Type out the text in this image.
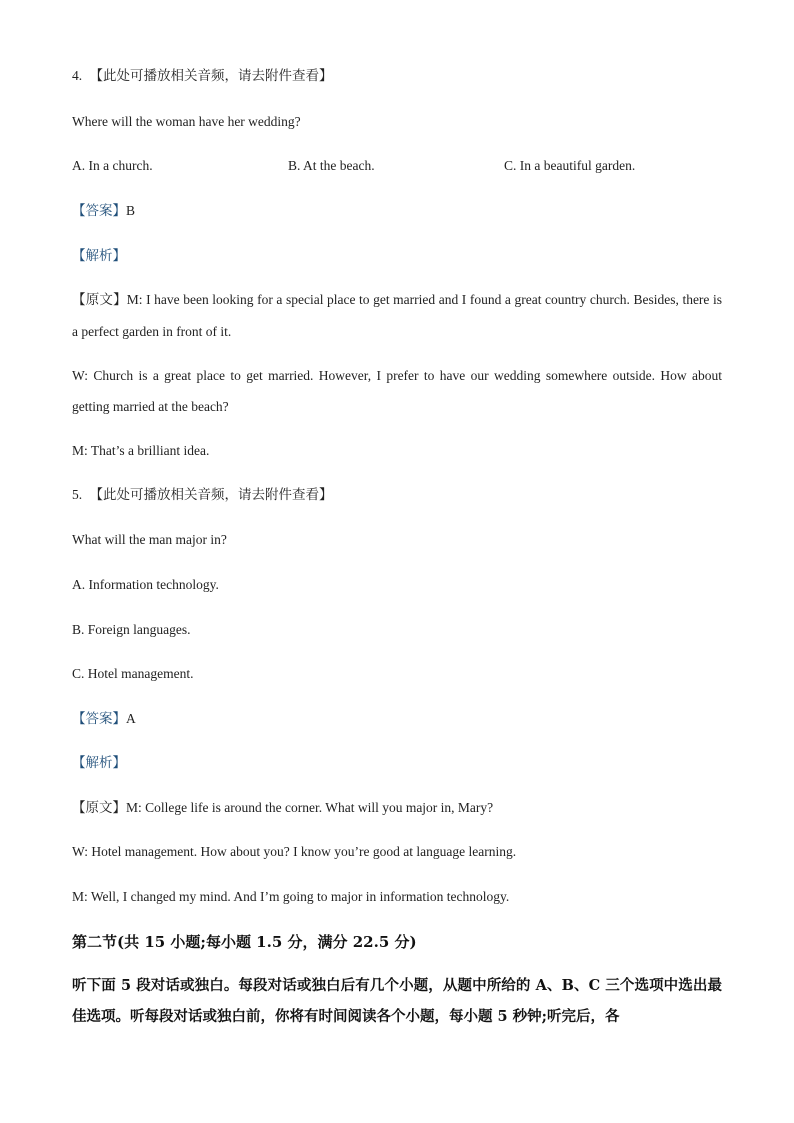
4. 【此处可播放相关音频，请去附件查看】
Where will the woman have her wedding?
A. In a church.	B. At the beach.	C. In a beautiful garden.
【答案】B
【解析】
【原文】M: I have been looking for a special place to get married and I found a great country church. Besides, there is a perfect garden in front of it.
W: Church is a great place to get married. However, I prefer to have our wedding somewhere outside. How about getting married at the beach?
M: That’s a brilliant idea.
5. 【此处可播放相关音频，请去附件查看】
What will the man major in?
A. Information technology.
B. Foreign languages.
C. Hotel management.
【答案】A
【解析】
【原文】M: College life is around the corner. What will you major in, Mary?
W: Hotel management. How about you? I know you’re good at language learning.
M: Well, I changed my mind. And I’m going to major in information technology.
第二节(共 15 小题;每小题 1.5 分，满分 22.5 分)
听下面 5 段对话或独白。每段对话或独白后有几个小题，从题中所给的 A、B、C 三个选项中选出最佳选项。听每段对话或独白前，你将有时间阅读各个小题，每小题 5 秒钟;听完后，各
